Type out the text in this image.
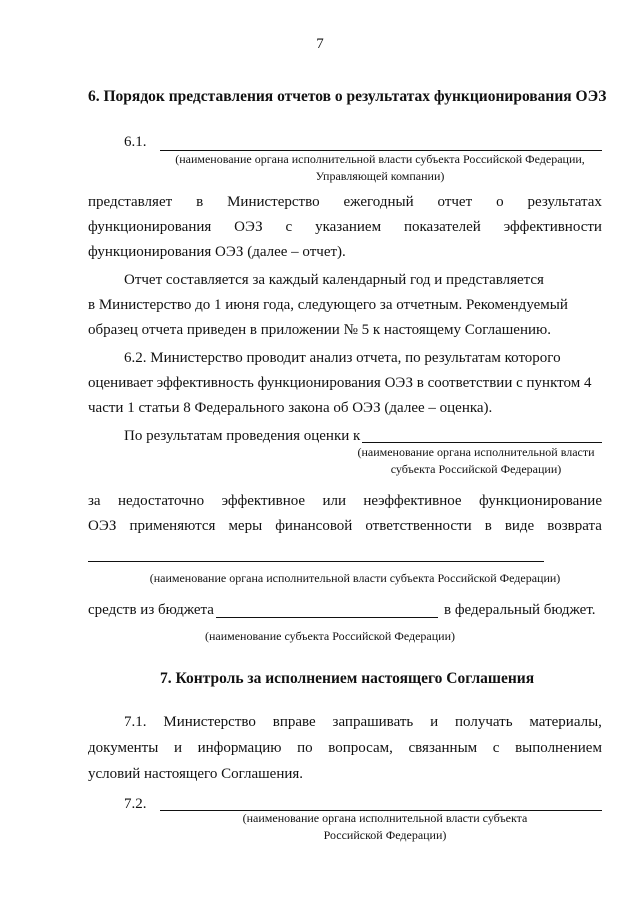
7
6. Порядок представления отчетов о результатах функционирования ОЭЗ
6.1.
(наименование органа исполнительной власти субъекта Российской Федерации,
Управляющей компании)
представляет в Министерство ежегодный отчет о результатах
функционирования ОЭЗ с указанием показателей эффективности
функционирования ОЭЗ (далее – отчет).
Отчет составляется за каждый календарный год и представляется
в Министерство до 1 июня года, следующего за отчетным. Рекомендуемый
образец отчета приведен в приложении № 5 к настоящему Соглашению.
6.2. Министерство проводит анализ отчета, по результатам которого
оценивает эффективность функционирования ОЭЗ в соответствии с пунктом 4
части 1 статьи 8 Федерального закона об ОЭЗ (далее – оценка).
По результатам проведения оценки к
(наименование органа исполнительной власти
субъекта Российской Федерации)
за недостаточно эффективное или неэффективное функционирование
ОЭЗ применяются меры финансовой ответственности в виде возврата
(наименование органа исполнительной власти субъекта Российской Федерации)
средств из бюджета	в федеральный бюджет.
(наименование субъекта Российской Федерации)
7. Контроль за исполнением настоящего Соглашения
7.1. Министерство вправе запрашивать и получать материалы,
документы и информацию по вопросам, связанным с выполнением
условий настоящего Соглашения.
7.2.
(наименование органа исполнительной власти субъекта
Российской Федерации)
